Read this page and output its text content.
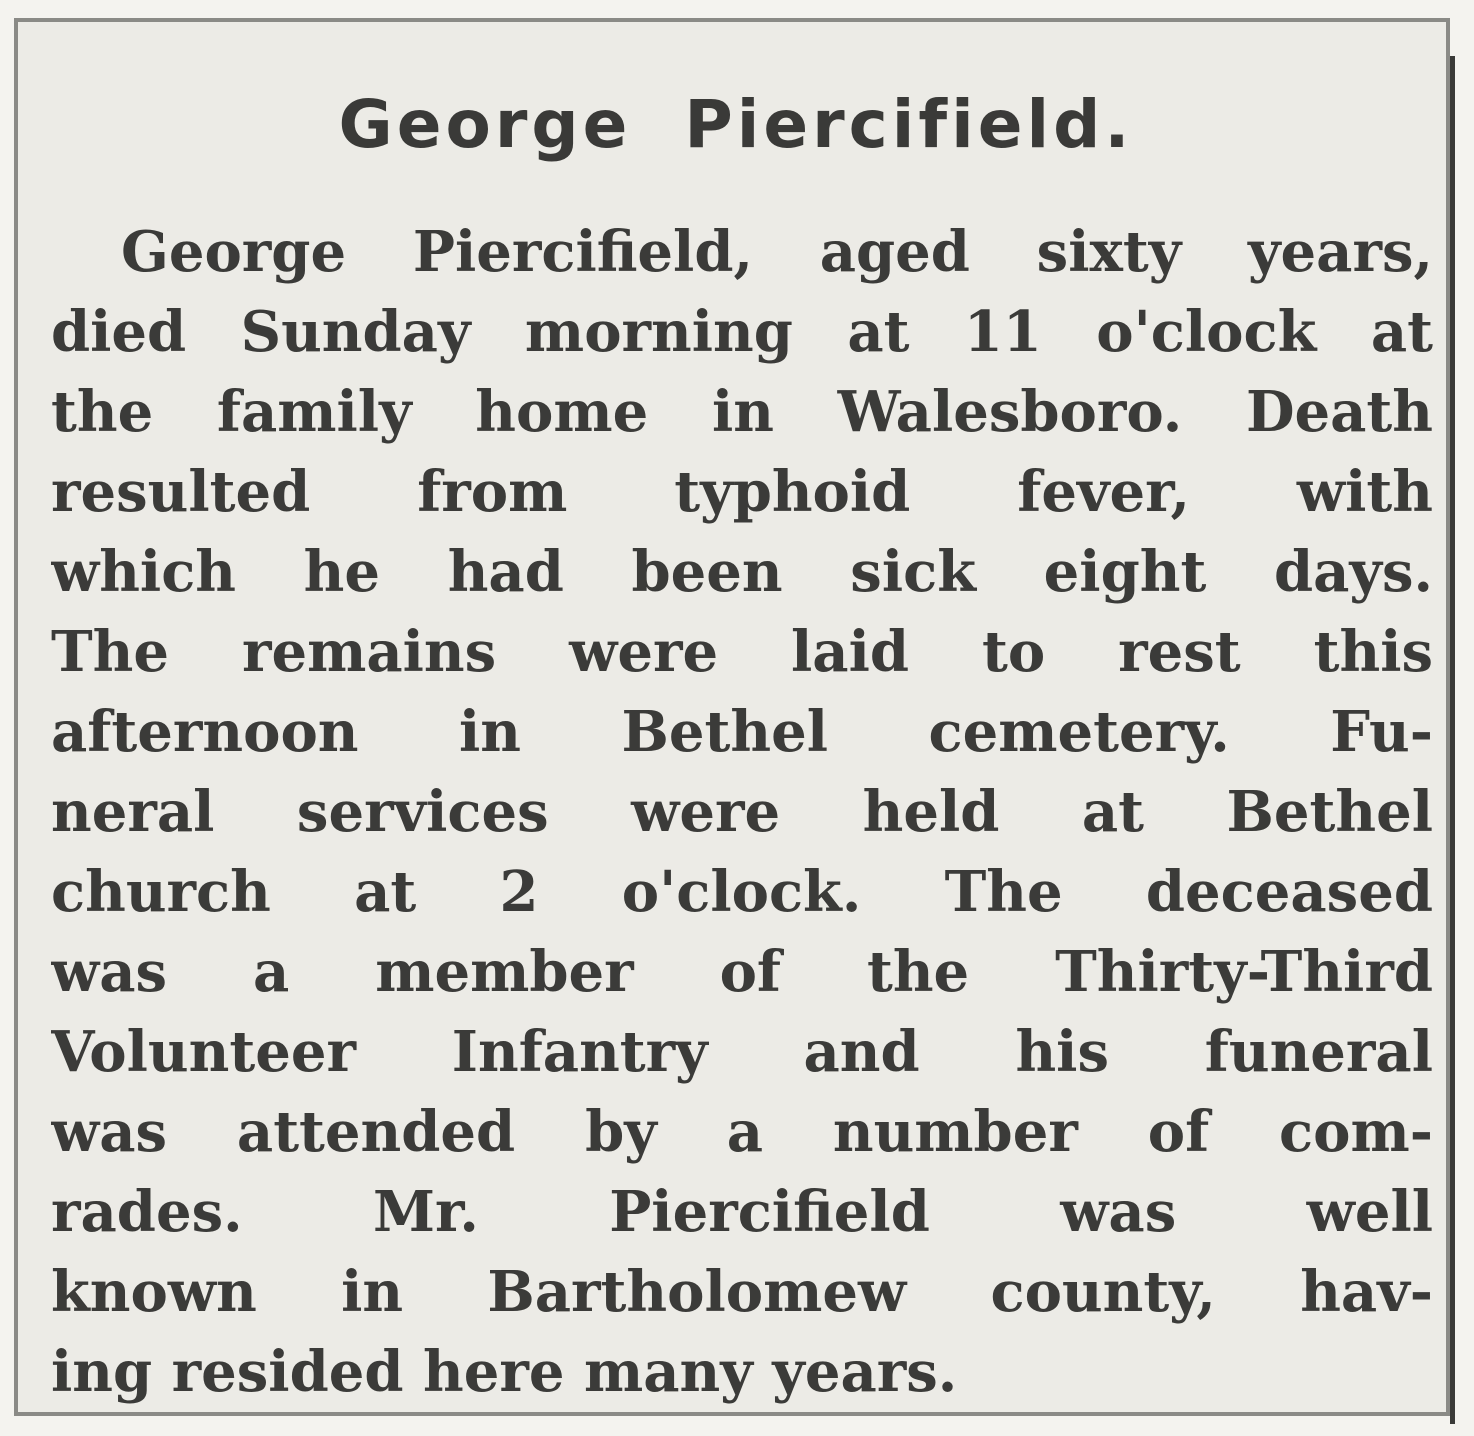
George Piercifield.
George Piercifield, aged sixty years,
died Sunday morning at 11 o'clock at
the family home in Walesboro. Death
resulted from typhoid fever, with
which he had been sick eight days.
The remains were laid to rest this
afternoon in Bethel cemetery. Fu-
neral services were held at Bethel
church at 2 o'clock. The deceased
was a member of the Thirty-Third
Volunteer Infantry and his funeral
was attended by a number of com-
rades. Mr. Piercifield was well
known in Bartholomew county, hav-
ing resided here many years.
